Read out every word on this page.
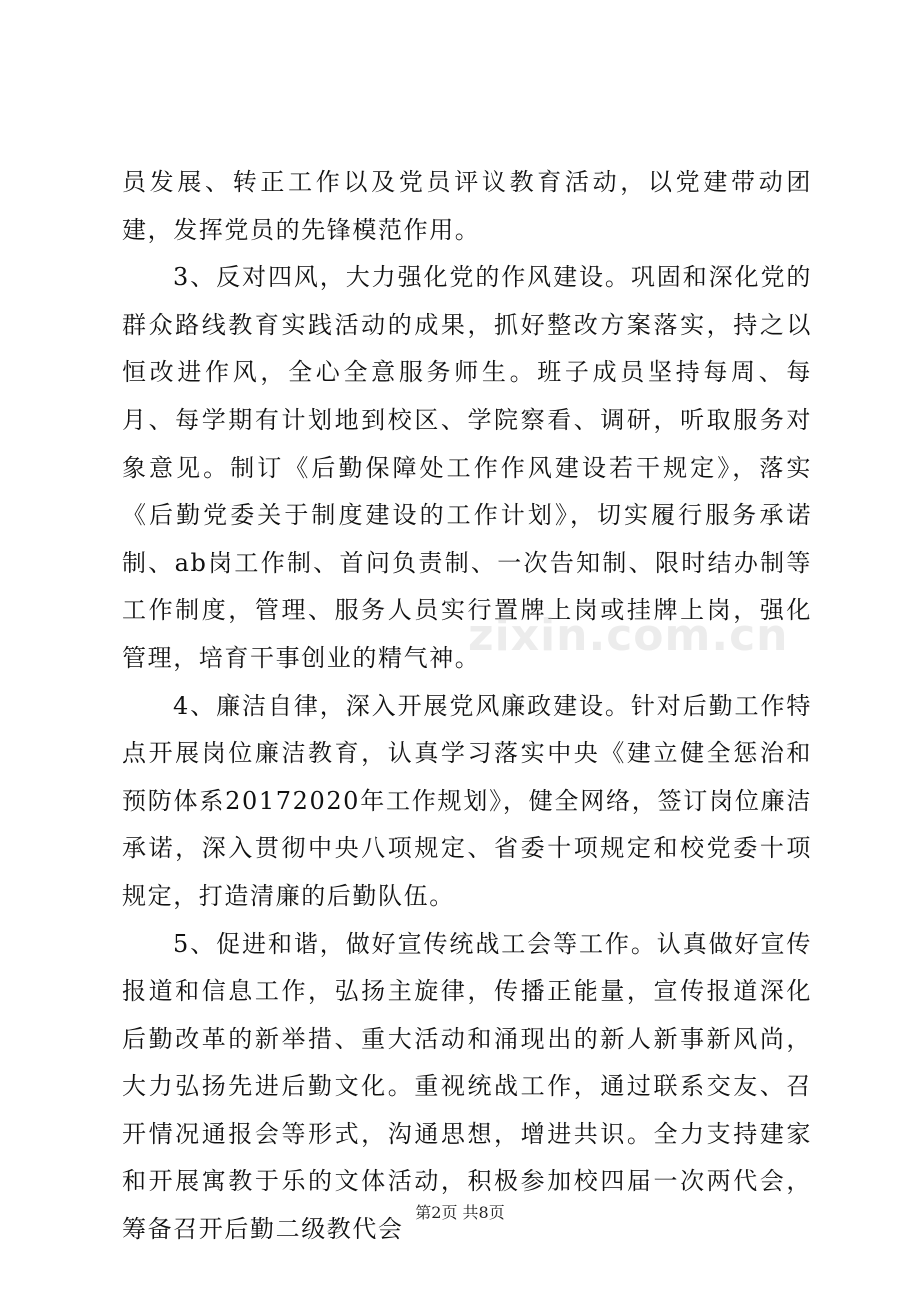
员发展、转正工作以及党员评议教育活动，以党建带动团建，发挥党员的先锋模范作用。

3、反对四风，大力强化党的作风建设。巩固和深化党的群众路线教育实践活动的成果，抓好整改方案落实，持之以恒改进作风，全心全意服务师生。班子成员坚持每周、每月、每学期有计划地到校区、学院察看、调研，听取服务对象意见。制订《后勤保障处工作作风建设若干规定》，落实《后勤党委关于制度建设的工作计划》，切实履行服务承诺制、ab岗工作制、首问负责制、一次告知制、限时结办制等工作制度，管理、服务人员实行置牌上岗或挂牌上岗，强化管理，培育干事创业的精气神。

4、廉洁自律，深入开展党风廉政建设。针对后勤工作特点开展岗位廉洁教育，认真学习落实中央《建立健全惩治和预防体系20172020年工作规划》，健全网络，签订岗位廉洁承诺，深入贯彻中央八项规定、省委十项规定和校党委十项规定，打造清廉的后勤队伍。

5、促进和谐，做好宣传统战工会等工作。认真做好宣传报道和信息工作，弘扬主旋律，传播正能量，宣传报道深化后勤改革的新举措、重大活动和涌现出的新人新事新风尚，大力弘扬先进后勤文化。重视统战工作，通过联系交友、召开情况通报会等形式，沟通思想，增进共识。全力支持建家和开展寓教于乐的文体活动，积极参加校四届一次两代会，筹备召开后勤二级教代会

zixin.com.cn
第2页 共8页
